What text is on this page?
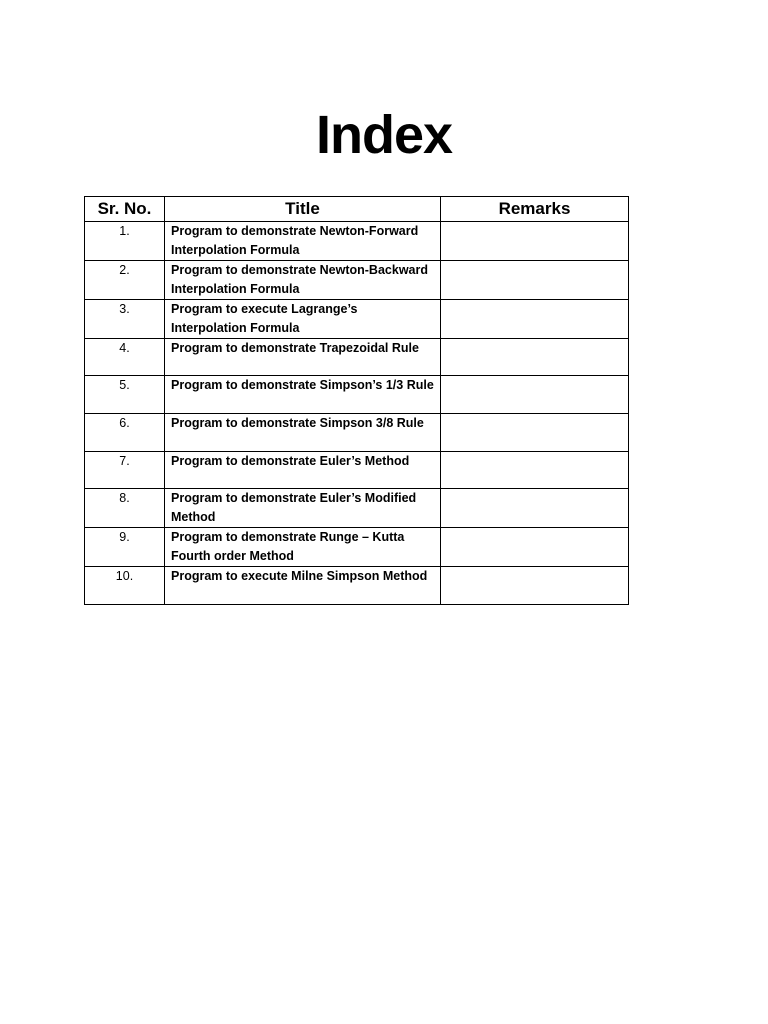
Index
Sr. No.	Title	Remarks
1.	Program to demonstrate Newton-Forward Interpolation Formula	
2.	Program to demonstrate Newton-Backward Interpolation Formula	
3.	Program to execute Lagrange’s Interpolation Formula	
4.	Program to demonstrate Trapezoidal Rule	
5.	Program to demonstrate Simpson’s 1/3 Rule	
6.	Program to demonstrate Simpson 3/8 Rule	
7.	Program to demonstrate Euler’s Method	
8.	Program to demonstrate Euler’s Modified Method	
9.	Program to demonstrate Runge – Kutta Fourth order Method	
10.	Program to execute Milne Simpson Method	
